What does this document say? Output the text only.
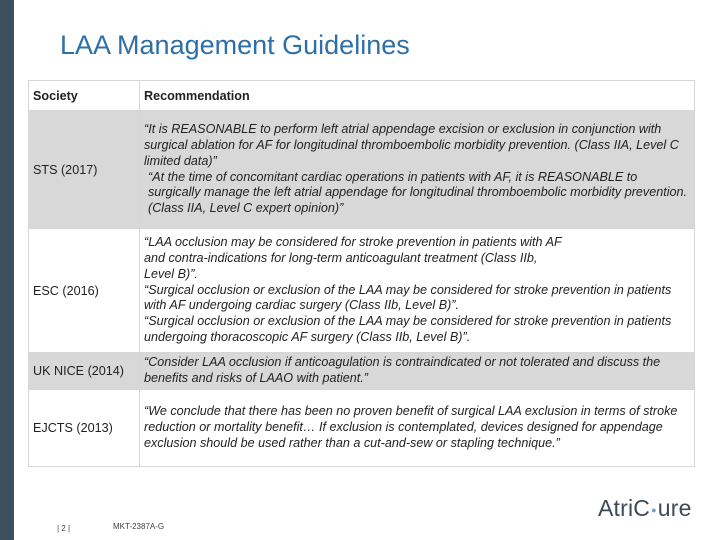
LAA Management Guidelines
Society	Recommendation
STS (2017)	“It is REASONABLE to perform left atrial appendage excision or exclusion in conjunction with surgical ablation for AF for longitudinal thromboembolic morbidity prevention. (Class IIA, Level C limited data)”

“At the time of concomitant cardiac operations in patients with AF, it is REASONABLE to surgically manage the left atrial appendage for longitudinal thromboembolic morbidity prevention. (Class IIA, Level C expert opinion)”

ESC (2016)	“LAA occlusion may be considered for stroke prevention in patients with AF and contra-indications for long-term anticoagulant treatment (Class IIb, Level B)”.

“Surgical occlusion or exclusion of the LAA may be considered for stroke prevention in patients with AF undergoing cardiac surgery (Class IIb, Level B)”.

“Surgical occlusion or exclusion of the LAA may be considered for stroke prevention in patients undergoing thoracoscopic AF surgery (Class IIb, Level B)”.

UK NICE (2014)	“Consider LAA occlusion if anticoagulation is contraindicated or not tolerated and discuss the benefits and risks of LAAO with patient.”

EJCTS (2013)	“We conclude that there has been no proven benefit of surgical LAA exclusion in terms of stroke reduction or mortality benefit… If exclusion is contemplated, devices designed for appendage exclusion should be used rather than a cut-and-sew or stapling technique.”

| 2 |	MKT-2387A-G
AtriC●ure
